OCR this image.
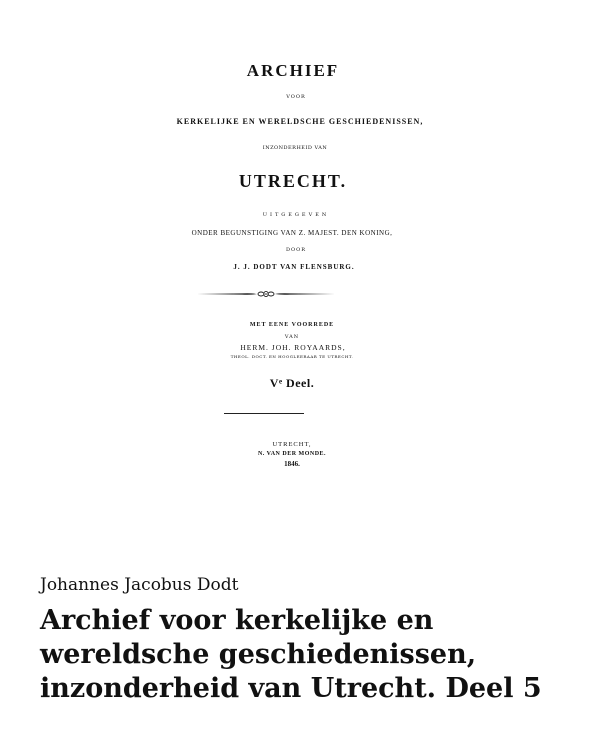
ARCHIEF
VOOR
KERKELIJKE EN WERELDSCHE GESCHIEDENISSEN,
INZONDERHEID VAN
UTRECHT.
UITGEGEVEN
ONDER BEGUNSTIGING VAN Z. MAJEST. DEN KONING,
DOOR
J. J. DODT VAN FLENSBURG.
MET EENE VOORREDE
VAN
HERM. JOH. ROYAARDS,
THEOL. DOCT. EN HOOGLEERAAR TE UTRECHT.
Vᵉ Deel.
UTRECHT,
N. VAN DER MONDE.
1846.

Johannes Jacobus Dodt

Archief voor kerkelijke en
wereldsche geschiedenissen,
inzonderheid van Utrecht. Deel 5
